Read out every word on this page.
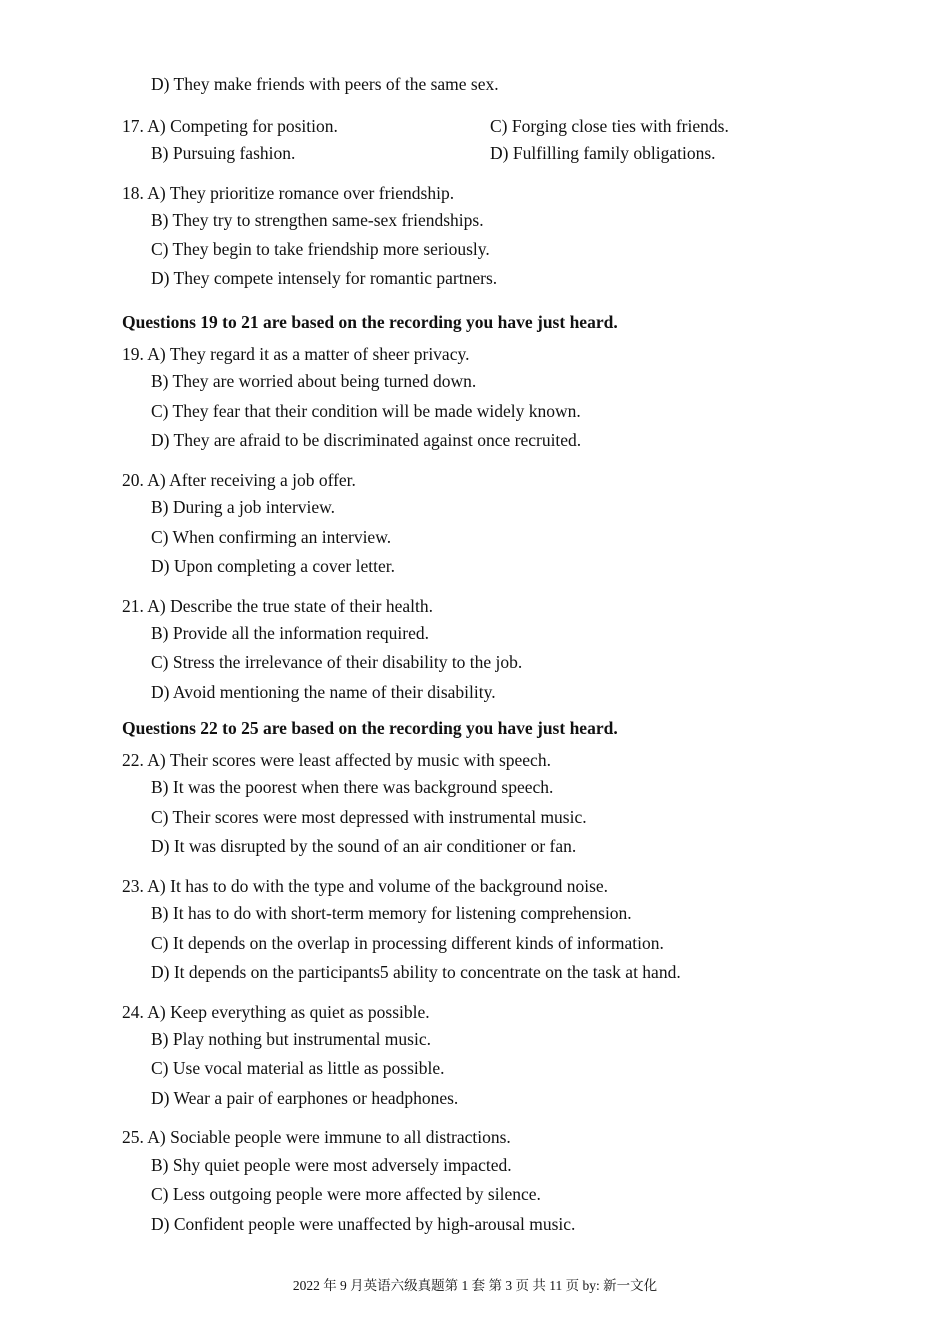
D) They make friends with peers of the same sex.
17. A) Competing for position.	C) Forging close ties with friends.
B) Pursuing fashion.	D) Fulfilling family obligations.
18. A) They prioritize romance over friendship.
B) They try to strengthen same-sex friendships.
C) They begin to take friendship more seriously.
D) They compete intensely for romantic partners.
Questions 19 to 21 are based on the recording you have just heard.
19. A) They regard it as a matter of sheer privacy.
B) They are worried about being turned down.
C) They fear that their condition will be made widely known.
D) They are afraid to be discriminated against once recruited.
20. A) After receiving a job offer.
B) During a job interview.
C) When confirming an interview.
D) Upon completing a cover letter.
21. A) Describe the true state of their health.
B) Provide all the information required.
C) Stress the irrelevance of their disability to the job.
D) Avoid mentioning the name of their disability.
Questions 22 to 25 are based on the recording you have just heard.
22. A) Their scores were least affected by music with speech.
B) It was the poorest when there was background speech.
C) Their scores were most depressed with instrumental music.
D) It was disrupted by the sound of an air conditioner or fan.
23. A) It has to do with the type and volume of the background noise.
B) It has to do with short-term memory for listening comprehension.
C) It depends on the overlap in processing different kinds of information.
D) It depends on the participants5 ability to concentrate on the task at hand.
24. A) Keep everything as quiet as possible.
B) Play nothing but instrumental music.
C) Use vocal material as little as possible.
D) Wear a pair of earphones or headphones.
25. A) Sociable people were immune to all distractions.
B) Shy quiet people were most adversely impacted.
C) Less outgoing people were more affected by silence.
D) Confident people were unaffected by high-arousal music.
2022 年 9 月英语六级真题第 1 套 第 3 页 共 11 页 by: 新一文化
